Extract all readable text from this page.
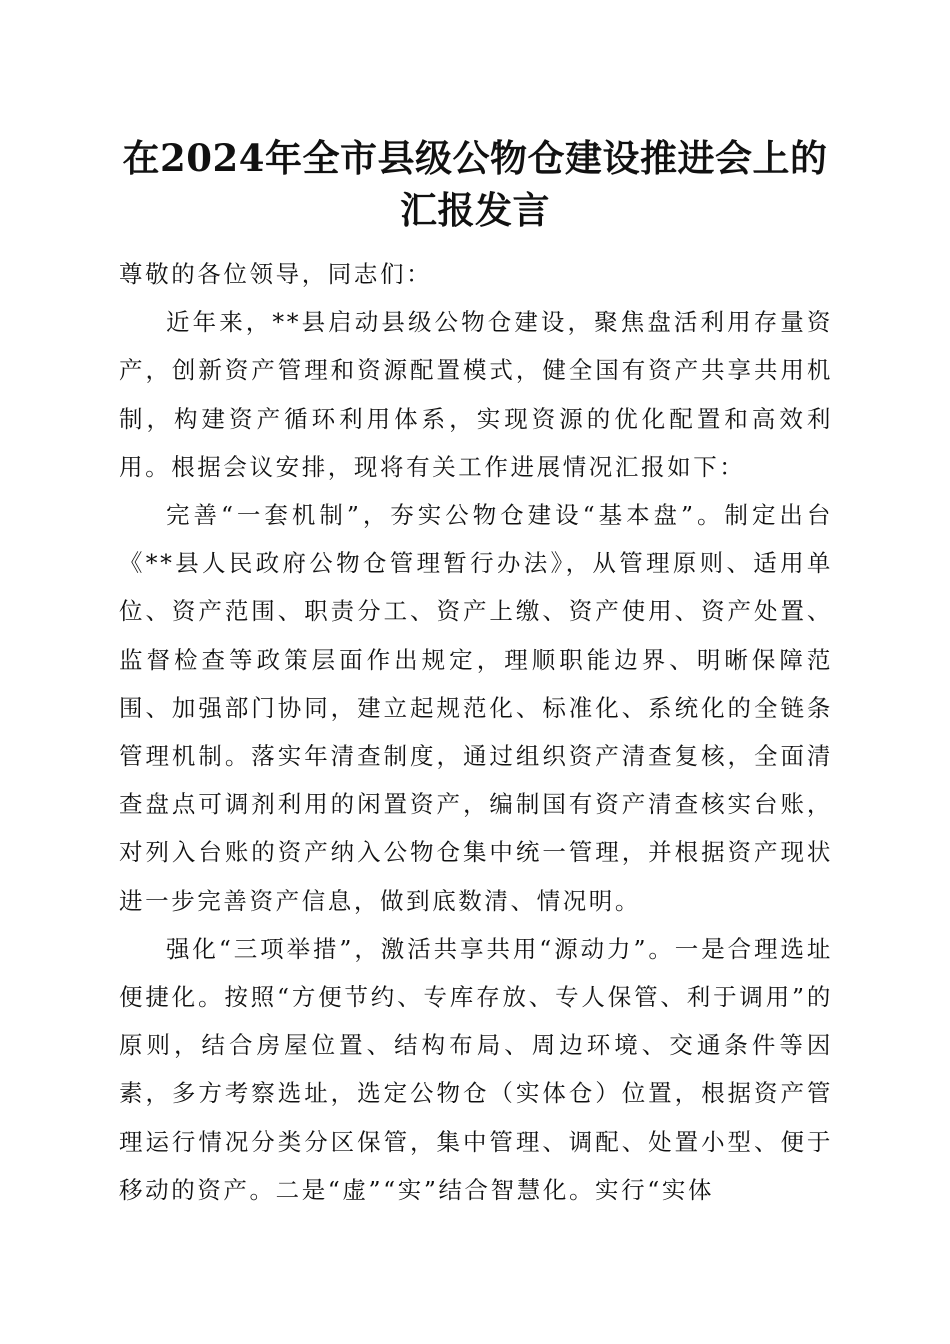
在2024年全市县级公物仓建设推进会上的汇报发言

尊敬的各位领导，同志们：

近年来，**县启动县级公物仓建设，聚焦盘活利用存量资产，创新资产管理和资源配置模式，健全国有资产共享共用机制，构建资产循环利用体系，实现资源的优化配置和高效利用。根据会议安排，现将有关工作进展情况汇报如下：

完善“一套机制”，夯实公物仓建设“基本盘”。制定出台《**县人民政府公物仓管理暂行办法》，从管理原则、适用单位、资产范围、职责分工、资产上缴、资产使用、资产处置、监督检查等政策层面作出规定，理顺职能边界、明晰保障范围、加强部门协同，建立起规范化、标准化、系统化的全链条管理机制。落实年清查制度，通过组织资产清查复核，全面清查盘点可调剂利用的闲置资产，编制国有资产清查核实台账，对列入台账的资产纳入公物仓集中统一管理，并根据资产现状进一步完善资产信息，做到底数清、情况明。

强化“三项举措”，激活共享共用“源动力”。一是合理选址便捷化。按照“方便节约、专库存放、专人保管、利于调用”的原则，结合房屋位置、结构布局、周边环境、交通条件等因素，多方考察选址，选定公物仓（实体仓）位置，根据资产管理运行情况分类分区保管，集中管理、调配、处置小型、便于移动的资产。二是“虚”“实”结合智慧化。实行“实体
